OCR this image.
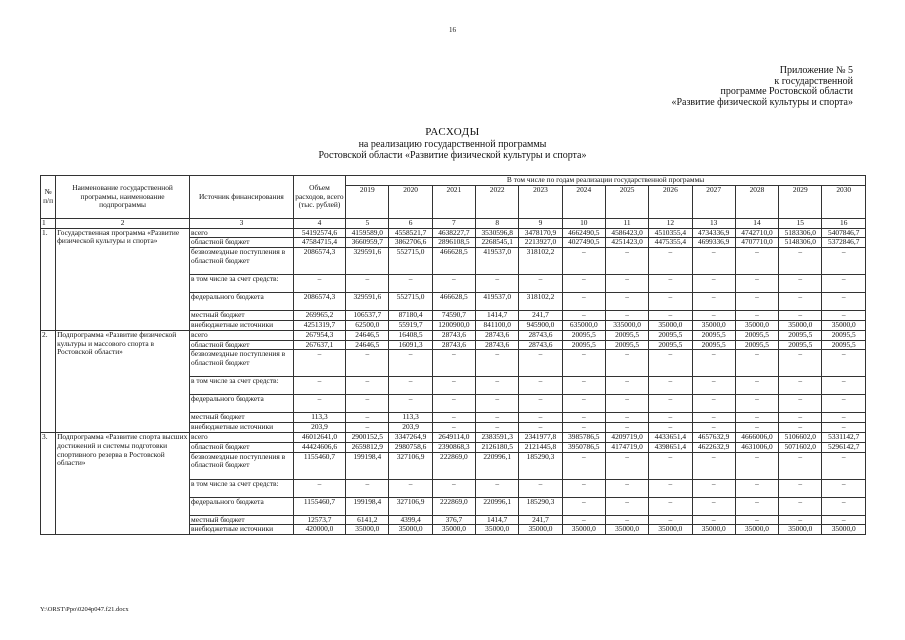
16
Приложение № 5
к государственной
программе Ростовской области
«Развитие физической культуры и спорта»
РАСХОДЫ
на реализацию государственной программы
Ростовской области «Развитие физической культуры и спорта»
№ п/п	Наименование государственной программы, наименование подпрограммы	Источник финансирования	Объем расходов, всего (тыс. рублей)	В том числе по годам реализации государственной программы											
				2019	2020	2021	2022	2023	2024	2025	2026	2027	2028	2029	2030
1	2	3	4	5	6	7	8	9	10	11	12	13	14	15	16
1.	Государственная программа «Развитие физической культуры и спорта»	всего	54192574,6	4159589,0	4558521,7	4638227,7	3530596,8	3478170,9	4662490,5	4586423,0	4510355,4	4734336,9	4742710,0	5183306,0	5407846,7
		областной бюджет	47584715,4	3660959,7	3862706,6	2896108,5	2268545,1	2213927,0	4027490,5	4251423,0	4475355,4	4699336,9	4707710,0	5148306,0	5372846,7
		безвозмездные поступления в областной бюджет	2086574,3	329591,6	552715,0	466628,5	419537,0	318102,2	–	–	–	–	–	–	–
		в том числе за счет средств:	–	–	–	–	–	–	–	–	–	–	–	–	–
		федерального бюджета	2086574,3	329591,6	552715,0	466628,5	419537,0	318102,2	–	–	–	–	–	–	–
		местный бюджет	269965,2	106537,7	87180,4	74590,7	1414,7	241,7	–	–	–	–	–	–	–
		внебюджетные источники	4251319,7	62500,0	55919,7	1200900,0	841100,0	945900,0	635000,0	335000,0	35000,0	35000,0	35000,0	35000,0	35000,0
2.	Подпрограмма «Развитие физической культуры и массового спорта в Ростовской области»	всего	267954,3	24646,5	16408,5	28743,6	28743,6	28743,6	20095,5	20095,5	20095,5	20095,5	20095,5	20095,5	20095,5
		областной бюджет	267637,1	24646,5	16091,3	28743,6	28743,6	28743,6	20095,5	20095,5	20095,5	20095,5	20095,5	20095,5	20095,5
		безвозмездные поступления в областной бюджет	–	–	–	–	–	–	–	–	–	–	–	–	–
		в том числе за счет средств:	–	–	–	–	–	–	–	–	–	–	–	–	–
		федерального бюджета	–	–	–	–	–	–	–	–	–	–	–	–	–
		местный бюджет	113,3	–	113,3	–	–	–	–	–	–	–	–	–	–
		внебюджетные источники	203,9	–	203,9	–	–	–	–	–	–	–	–	–	–
3.	Подпрограмма «Развитие спорта высших достижений и системы подготовки спортивного резерва в Ростовской области»	всего	46012641,0	2900152,5	3347264,9	2649114,0	2383591,3	2341977,8	3985786,5	4209719,0	4433651,4	4657632,9	4666006,0	5106602,0	5331142,7
		областной бюджет	44424606,6	2659812,9	2980758,6	2390868,3	2126180,5	2121445,8	3950786,5	4174719,0	4398651,4	4622632,9	4631006,0	5071602,0	5296142,7
		безвозмездные поступления в областной бюджет	1155460,7	199198,4	327106,9	222869,0	220996,1	185290,3	–	–	–	–	–	–	–
		в том числе за счет средств:	–	–	–	–	–	–	–	–	–	–	–	–	–
		федерального бюджета	1155460,7	199198,4	327106,9	222869,0	220996,1	185290,3	–	–	–	–	–	–	–
		местный бюджет	12573,7	6141,2	4399,4	376,7	1414,7	241,7	–	–	–	–	–	–	–
		внебюджетные источники	420000,0	35000,0	35000,0	35000,0	35000,0	35000,0	35000,0	35000,0	35000,0	35000,0	35000,0	35000,0	35000,0
Y:\ORST\Ppo\0204p047.f21.docx
